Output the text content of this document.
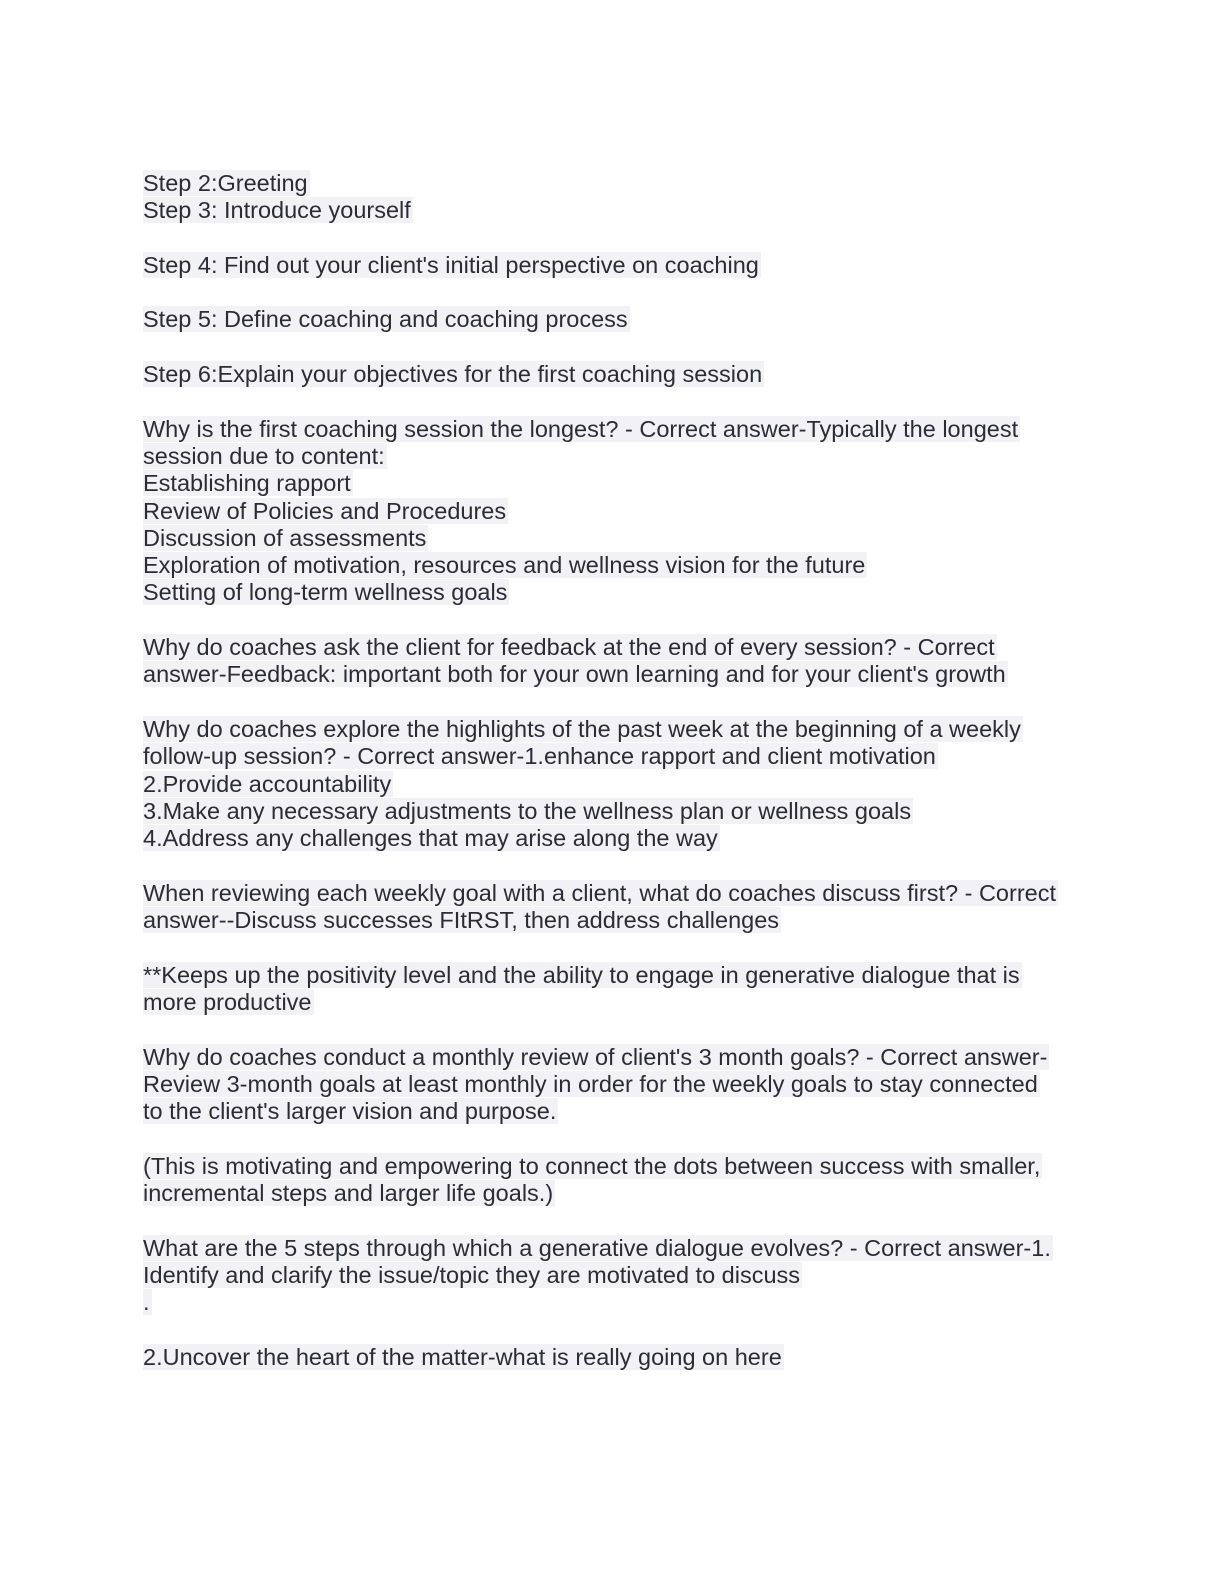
Step 2:Greeting
Step 3: Introduce yourself
Step 4: Find out your client's initial perspective on coaching
Step 5: Define coaching and coaching process
Step 6:Explain your objectives for the first coaching session
Why is the first coaching session the longest? - Correct answer-Typically the longest
session due to content:
Establishing rapport
Review of Policies and Procedures
Discussion of assessments
Exploration of motivation, resources and wellness vision for the future
Setting of long-term wellness goals
Why do coaches ask the client for feedback at the end of every session? - Correct
answer-Feedback: important both for your own learning and for your client's growth
Why do coaches explore the highlights of the past week at the beginning of a weekly
follow-up session? - Correct answer-1.enhance rapport and client motivation
2.Provide accountability
3.Make any necessary adjustments to the wellness plan or wellness goals
4.Address any challenges that may arise along the way
When reviewing each weekly goal with a client, what do coaches discuss first? - Correct
answer--Discuss successes FItRST, then address challenges
**Keeps up the positivity level and the ability to engage in generative dialogue that is
more productive
Why do coaches conduct a monthly review of client's 3 month goals? - Correct answer-
Review 3-month goals at least monthly in order for the weekly goals to stay connected
to the client's larger vision and purpose.
(This is motivating and empowering to connect the dots between success with smaller,
incremental steps and larger life goals.)
What are the 5 steps through which a generative dialogue evolves? - Correct answer-1.
Identify and clarify the issue/topic they are motivated to discuss
.
2.Uncover the heart of the matter-what is really going on here
